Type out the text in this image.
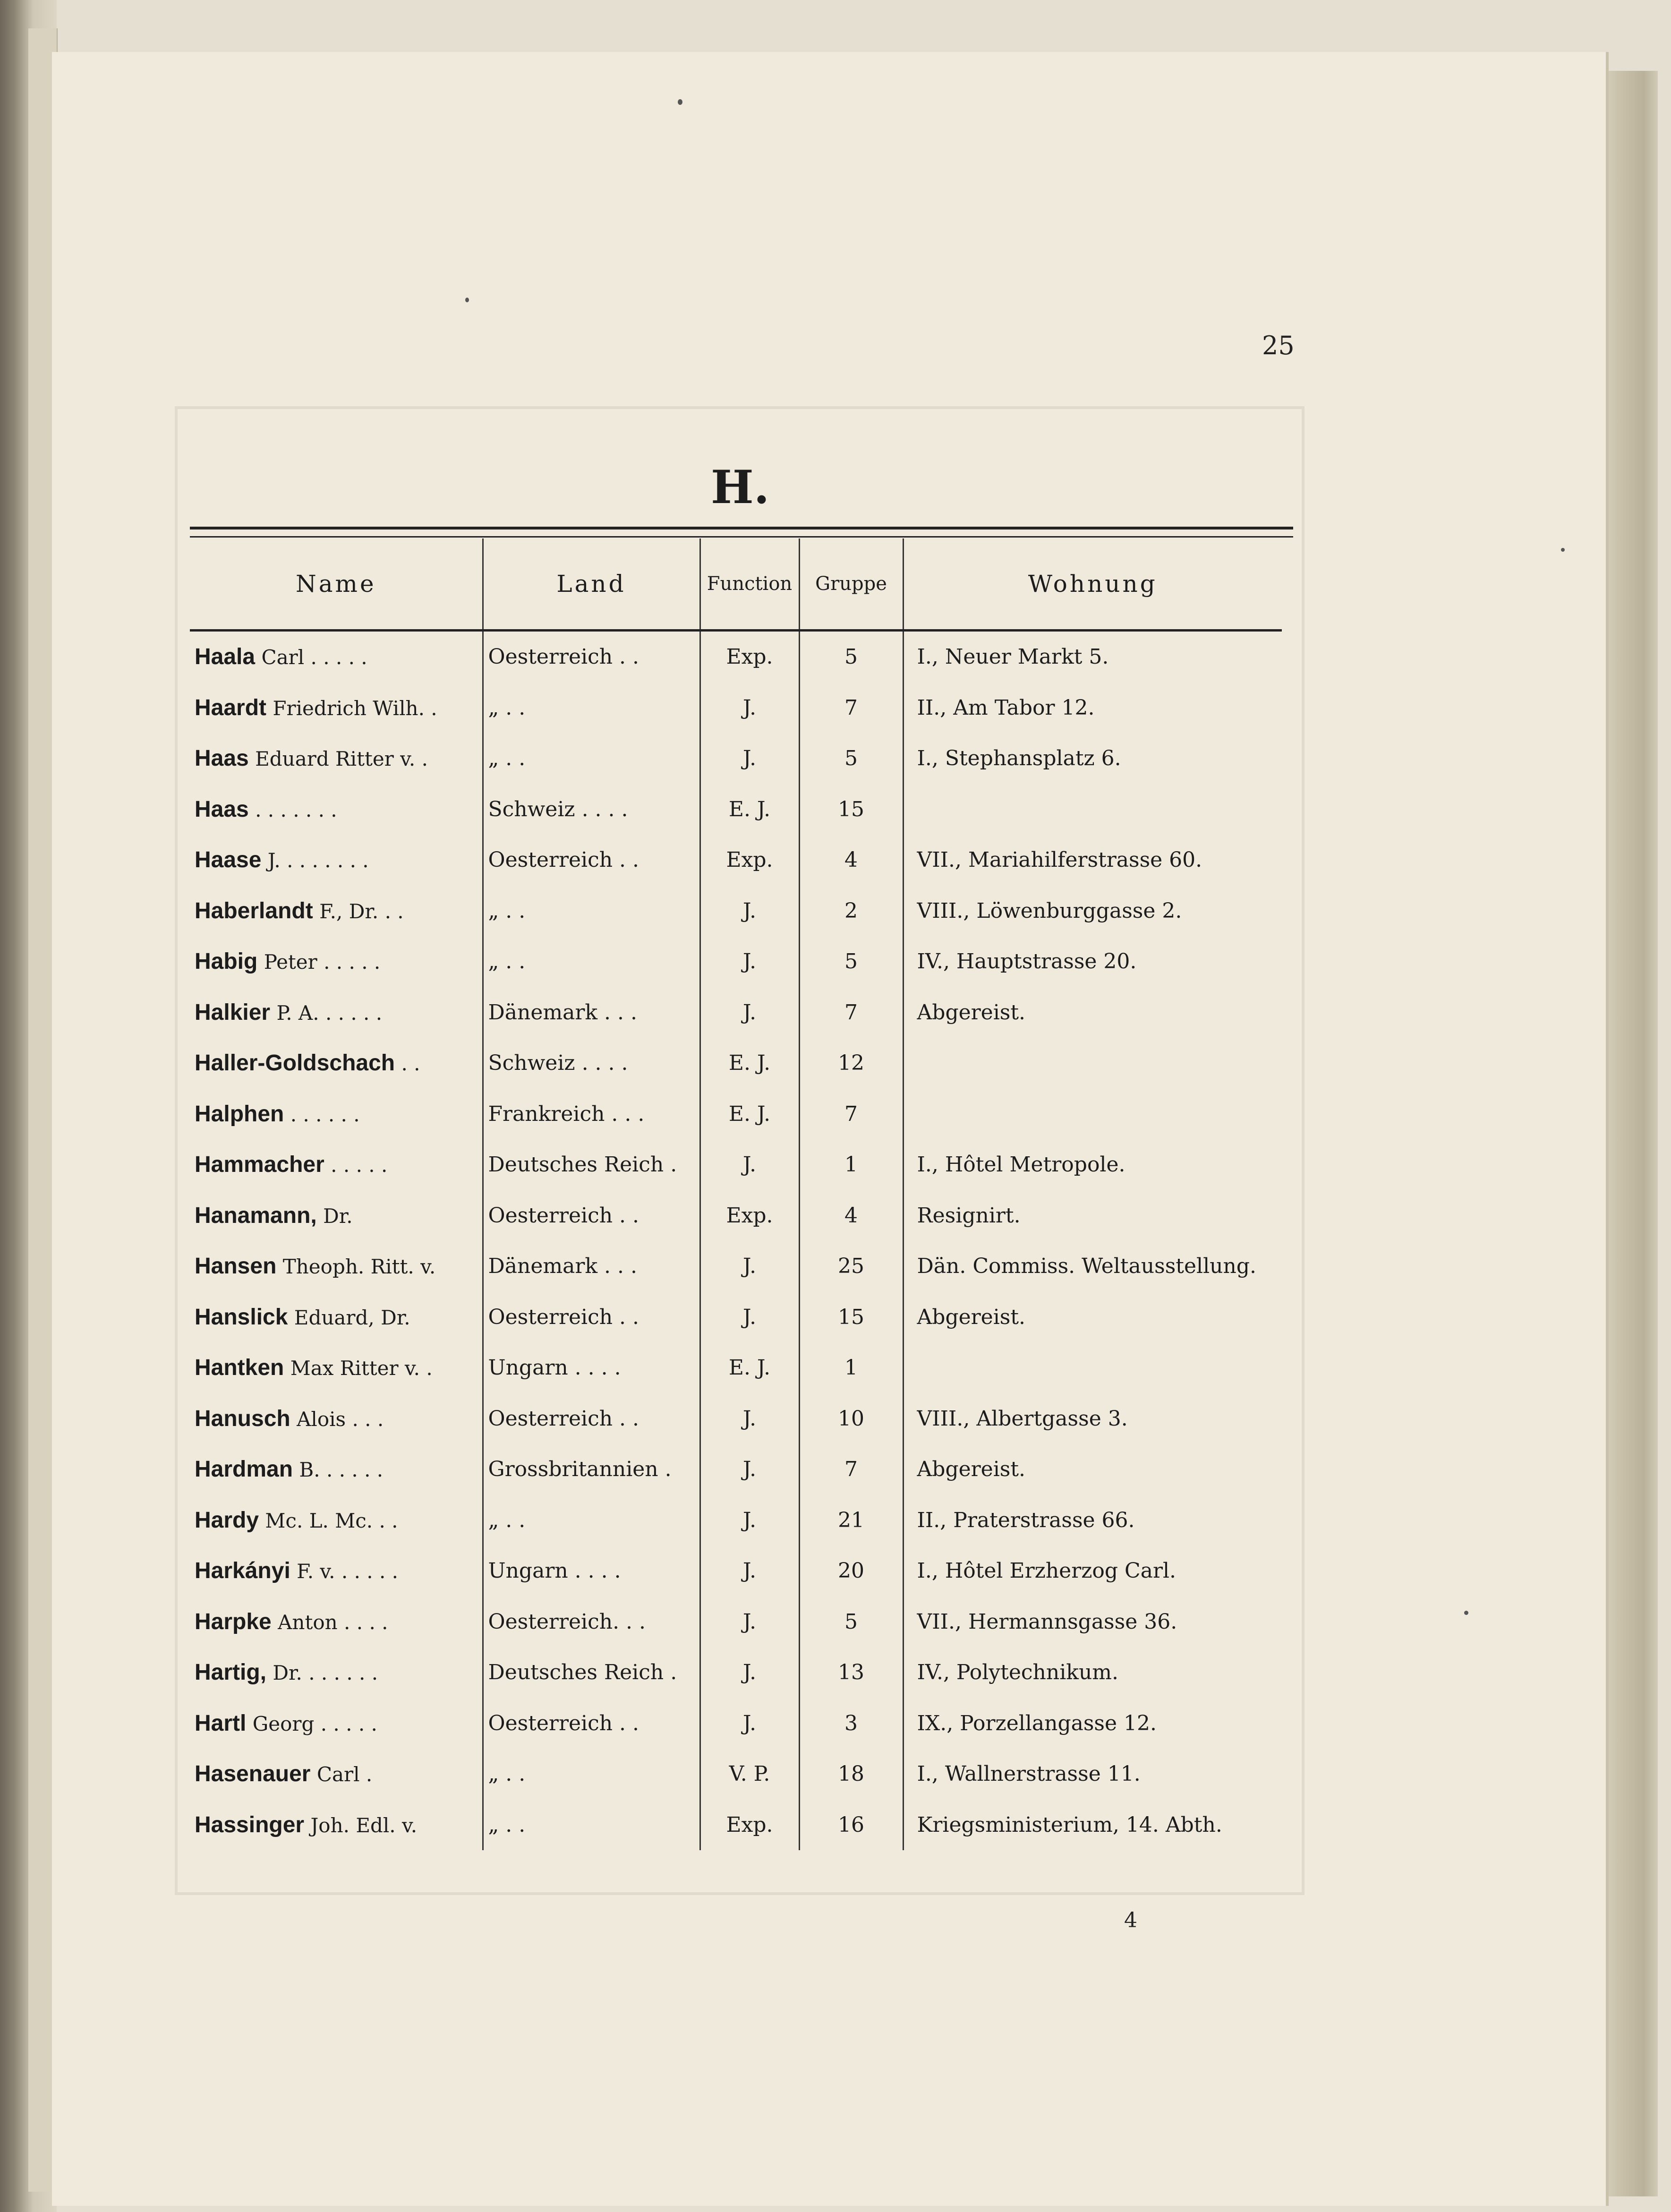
25
H.
Name	Land	Function	Gruppe	Wohnung
Haala Carl . . . . .	Oesterreich . .	Exp.	5	I., Neuer Markt 5.
Haardt Friedrich Wilh. .	„ . .	J.	7	II., Am Tabor 12.
Haas Eduard Ritter v. .	„ . .	J.	5	I., Stephansplatz 6.
Haas . . . . . . .	Schweiz . . . .	E. J.	15	
Haase J. . . . . . . .	Oesterreich . .	Exp.	4	VII., Mariahilferstrasse 60.
Haberlandt F., Dr. . .	„ . .	J.	2	VIII., Löwenburggasse 2.
Habig Peter . . . . .	„ . .	J.	5	IV., Hauptstrasse 20.
Halkier P. A. . . . . .	Dänemark . . .	J.	7	Abgereist.
Haller-Goldschach . .	Schweiz . . . .	E. J.	12	
Halphen . . . . . .	Frankreich . . .	E. J.	7	
Hammacher . . . . .	Deutsches Reich .	J.	1	I., Hôtel Metropole.
Hanamann, Dr.	Oesterreich . .	Exp.	4	Resignirt.
Hansen Theoph. Ritt. v.	Dänemark . . .	J.	25	Dän. Commiss. Weltausstellung.
Hanslick Eduard, Dr.	Oesterreich . .	J.	15	Abgereist.
Hantken Max Ritter v. .	Ungarn . . . .	E. J.	1	
Hanusch Alois . . .	Oesterreich . .	J.	10	VIII., Albertgasse 3.
Hardman B. . . . . .	Grossbritannien .	J.	7	Abgereist.
Hardy Mc. L. Mc. . .	„ . .	J.	21	II., Praterstrasse 66.
Harkányi F. v. . . . . .	Ungarn . . . .	J.	20	I., Hôtel Erzherzog Carl.
Harpke Anton . . . .	Oesterreich. . .	J.	5	VII., Hermannsgasse 36.
Hartig, Dr. . . . . . .	Deutsches Reich .	J.	13	IV., Polytechnikum.
Hartl Georg . . . . .	Oesterreich . .	J.	3	IX., Porzellangasse 12.
Hasenauer Carl .	„ . .	V. P.	18	I., Wallnerstrasse 11.
Hassinger Joh. Edl. v.	„ . .	Exp.	16	Kriegsministerium, 14. Abth.
4
